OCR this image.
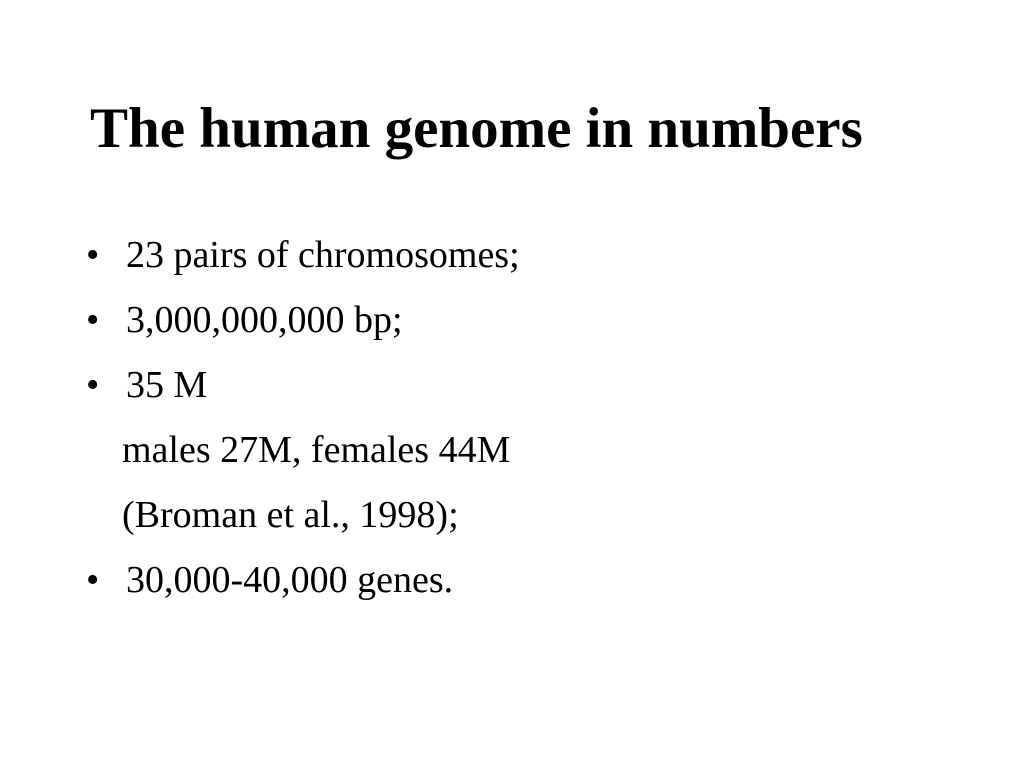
The human genome in numbers
• 23 pairs of chromosomes;
• 3,000,000,000 bp;
• 35 M
males 27M, females 44M
(Broman et al., 1998);
• 30,000-40,000 genes.
